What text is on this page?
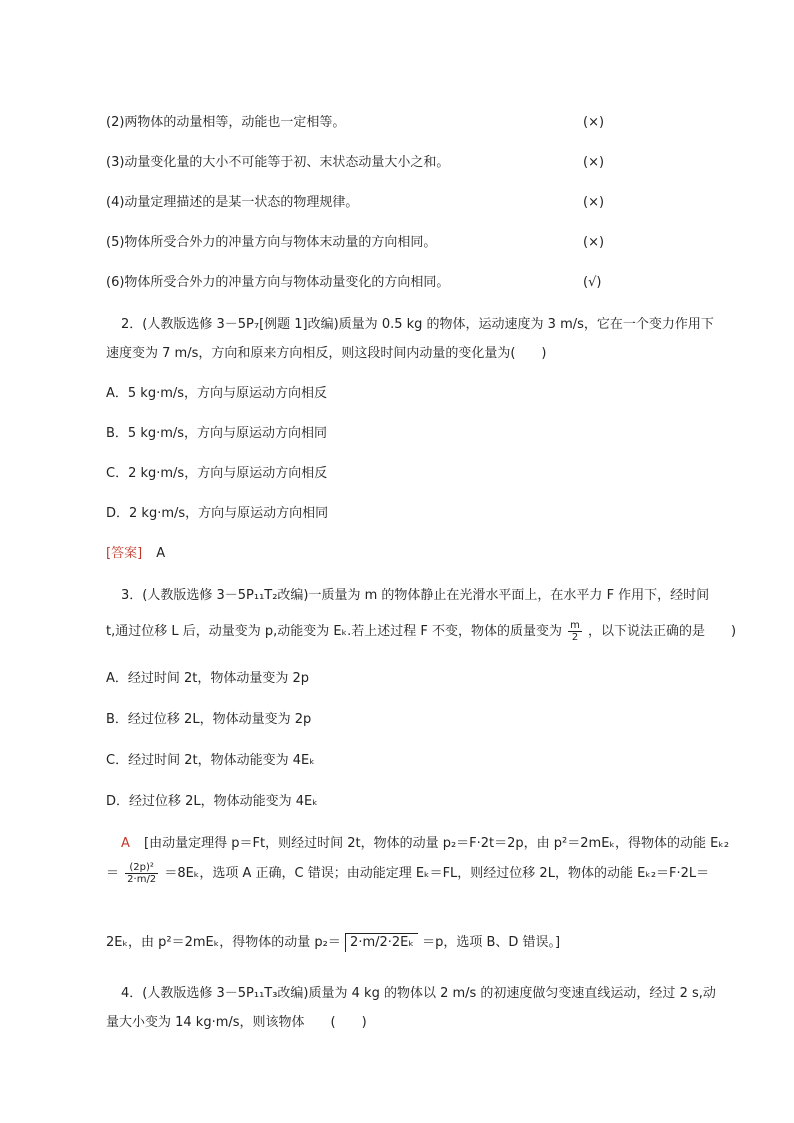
(2)两物体的动量相等，动能也一定相等。	(×)
(3)动量变化量的大小不可能等于初、末状态动量大小之和。	(×)
(4)动量定理描述的是某一状态的物理规律。	(×)
(5)物体所受合外力的冲量方向与物体末动量的方向相同。	(×)
(6)物体所受合外力的冲量方向与物体动量变化的方向相同。	(√)
2．(人教版选修 3－5P₇[例题 1]改编)质量为 0.5 kg 的物体，运动速度为 3 m/s，它在一个变力作用下
速度变为 7 m/s，方向和原来方向相反，则这段时间内动量的变化量为(　　)
A．5 kg·m/s，方向与原运动方向相反
B．5 kg·m/s，方向与原运动方向相同
C．2 kg·m/s，方向与原运动方向相反
D．2 kg·m/s，方向与原运动方向相同
[答案] A
3．(人教版选修 3－5P₁₁T₂改编)一质量为 m 的物体静止在光滑水平面上，在水平力 F 作用下，经时间
t,通过位移 L 后，动量变为 p,动能变为 Eₖ.若上述过程 F 不变，物体的质量变为 $\frac{m}{2}$ ，以下说法正确的是　　)
A．经过时间 2t，物体动量变为 2p
B．经过位移 2L，物体动量变为 2p
C．经过时间 2t，物体动能变为 4Eₖ
D．经过位移 2L，物体动能变为 4Eₖ
A [由动量定理得 p＝Ft，则经过时间 2t，物体的动量 p₂＝F·2t＝2p，由 p²＝2mEₖ，得物体的动能 Eₖ₂
＝ $\frac{\text{(2p)²}}{2\cdot m/2} =8E_k$，选项 A 正确，C 错误；由动能定理 Eₖ＝FL，则经过位移 2L，物体的动能 Eₖ₂＝F·2L＝
2Eₖ，由 p²＝2mEₖ，得物体的动量 p₂＝ 2·m/2·2Eₖ ＝p，选项 B、D 错误。]
4．(人教版选修 3－5P₁₁T₃改编)质量为 4 kg 的物体以 2 m/s 的初速度做匀变速直线运动，经过 2 s,动
量大小变为 14 kg·m/s，则该物体　　(　　)
